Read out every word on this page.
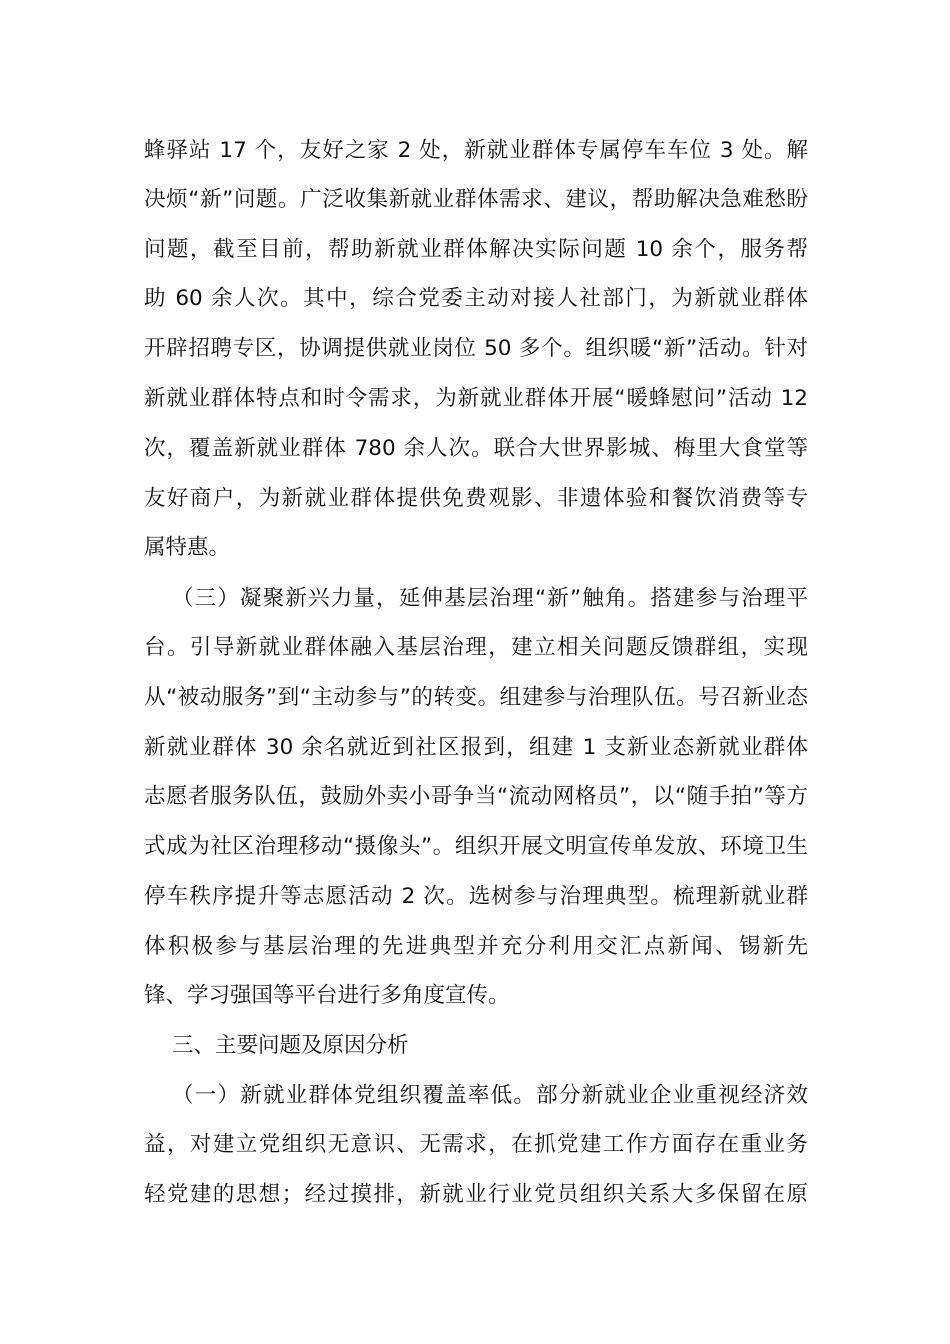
蜂驿站 17 个，友好之家 2 处，新就业群体专属停车车位 3 处。解
决烦“新”问题。广泛收集新就业群体需求、建议，帮助解决急难愁盼
问题，截至目前，帮助新就业群体解决实际问题 10 余个，服务帮
助 60 余人次。其中，综合党委主动对接人社部门，为新就业群体
开辟招聘专区，协调提供就业岗位 50 多个。组织暖“新”活动。针对
新就业群体特点和时令需求，为新就业群体开展“暖蜂慰问”活动 12
次，覆盖新就业群体 780 余人次。联合大世界影城、梅里大食堂等
友好商户，为新就业群体提供免费观影、非遗体验和餐饮消费等专
属特惠。
（三）凝聚新兴力量，延伸基层治理“新”触角。搭建参与治理平
台。引导新就业群体融入基层治理，建立相关问题反馈群组，实现
从“被动服务”到“主动参与”的转变。组建参与治理队伍。号召新业态
新就业群体 30 余名就近到社区报到，组建 1 支新业态新就业群体
志愿者服务队伍，鼓励外卖小哥争当“流动网格员”，以“随手拍”等方
式成为社区治理移动“摄像头”。组织开展文明宣传单发放、环境卫生
停车秩序提升等志愿活动 2 次。选树参与治理典型。梳理新就业群
体积极参与基层治理的先进典型并充分利用交汇点新闻、锡新先
锋、学习强国等平台进行多角度宣传。
三、主要问题及原因分析
（一）新就业群体党组织覆盖率低。部分新就业企业重视经济效
益，对建立党组织无意识、无需求，在抓党建工作方面存在重业务
轻党建的思想；经过摸排，新就业行业党员组织关系大多保留在原
